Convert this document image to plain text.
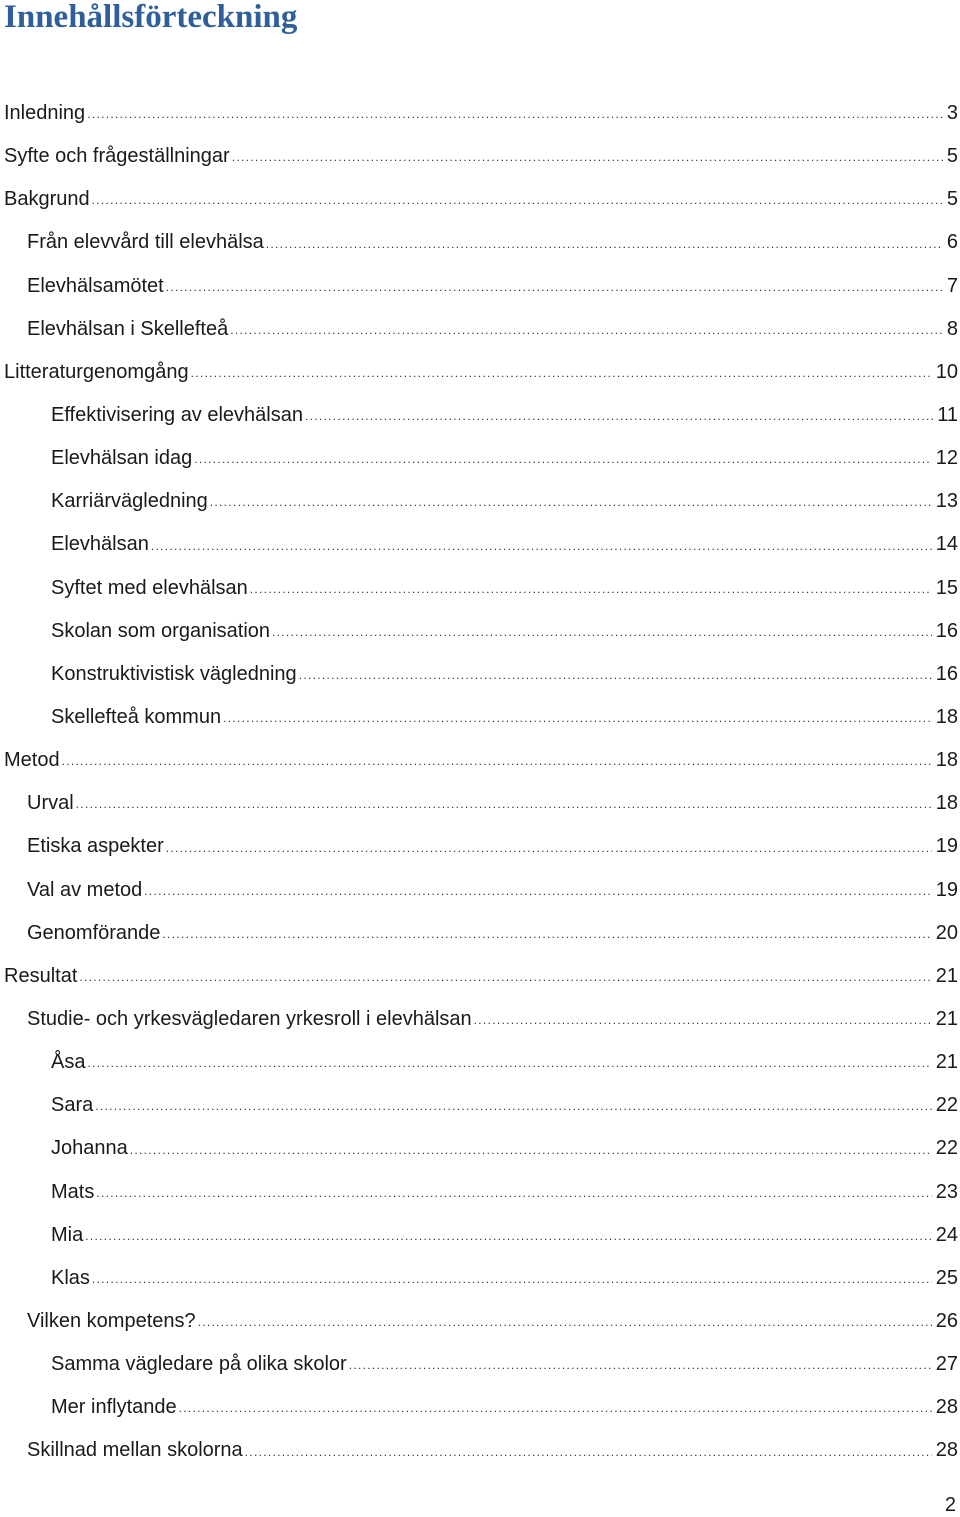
Innehållsförteckning
Inledning .....	3
Syfte och frågeställningar .....	5
Bakgrund .....	5
Från elevvård till elevhälsa .....	6
Elevhälsamötet .....	7
Elevhälsan i Skellefteå .....	8
Litteraturgenomgång .....	10
Effektivisering av elevhälsan .....	11
Elevhälsan idag .....	12
Karriärvägledning .....	13
Elevhälsan .....	14
Syftet med elevhälsan .....	15
Skolan som organisation .....	16
Konstruktivistisk vägledning .....	16
Skellefteå kommun .....	18
Metod .....	18
Urval .....	18
Etiska aspekter .....	19
Val av metod .....	19
Genomförande .....	20
Resultat .....	21
Studie- och yrkesvägledaren yrkesroll i elevhälsan .....	21
Åsa .....	21
Sara .....	22
Johanna .....	22
Mats .....	23
Mia .....	24
Klas .....	25
Vilken kompetens? .....	26
Samma vägledare på olika skolor .....	27
Mer inflytande .....	28
Skillnad mellan skolorna .....	28
2
